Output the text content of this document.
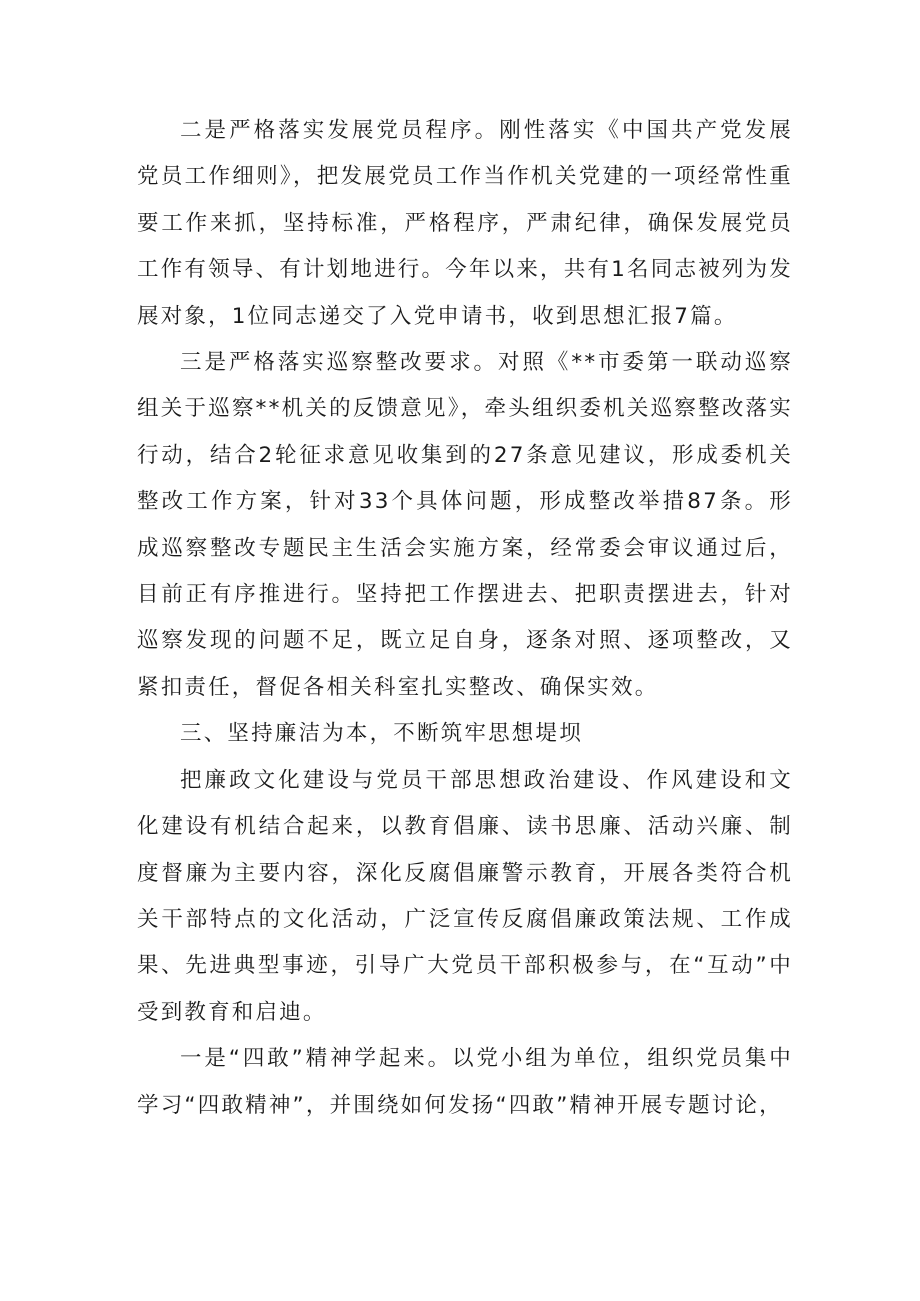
二是严格落实发展党员程序。刚性落实《中国共产党发展党员工作细则》，把发展党员工作当作机关党建的一项经常性重要工作来抓，坚持标准，严格程序，严肃纪律，确保发展党员工作有领导、有计划地进行。今年以来，共有1名同志被列为发展对象，1位同志递交了入党申请书，收到思想汇报7篇。

三是严格落实巡察整改要求。对照《**市委第一联动巡察组关于巡察**机关的反馈意见》，牵头组织委机关巡察整改落实行动，结合2轮征求意见收集到的27条意见建议，形成委机关整改工作方案，针对33个具体问题，形成整改举措87条。形成巡察整改专题民主生活会实施方案，经常委会审议通过后，目前正有序推进行。坚持把工作摆进去、把职责摆进去，针对巡察发现的问题不足，既立足自身，逐条对照、逐项整改，又紧扣责任，督促各相关科室扎实整改、确保实效。

三、坚持廉洁为本，不断筑牢思想堤坝

把廉政文化建设与党员干部思想政治建设、作风建设和文化建设有机结合起来，以教育倡廉、读书思廉、活动兴廉、制度督廉为主要内容，深化反腐倡廉警示教育，开展各类符合机关干部特点的文化活动，广泛宣传反腐倡廉政策法规、工作成果、先进典型事迹，引导广大党员干部积极参与，在“互动”中受到教育和启迪。

一是“四敢”精神学起来。以党小组为单位，组织党员集中学习“四敢精神”，并围绕如何发扬“四敢”精神开展专题讨论，
